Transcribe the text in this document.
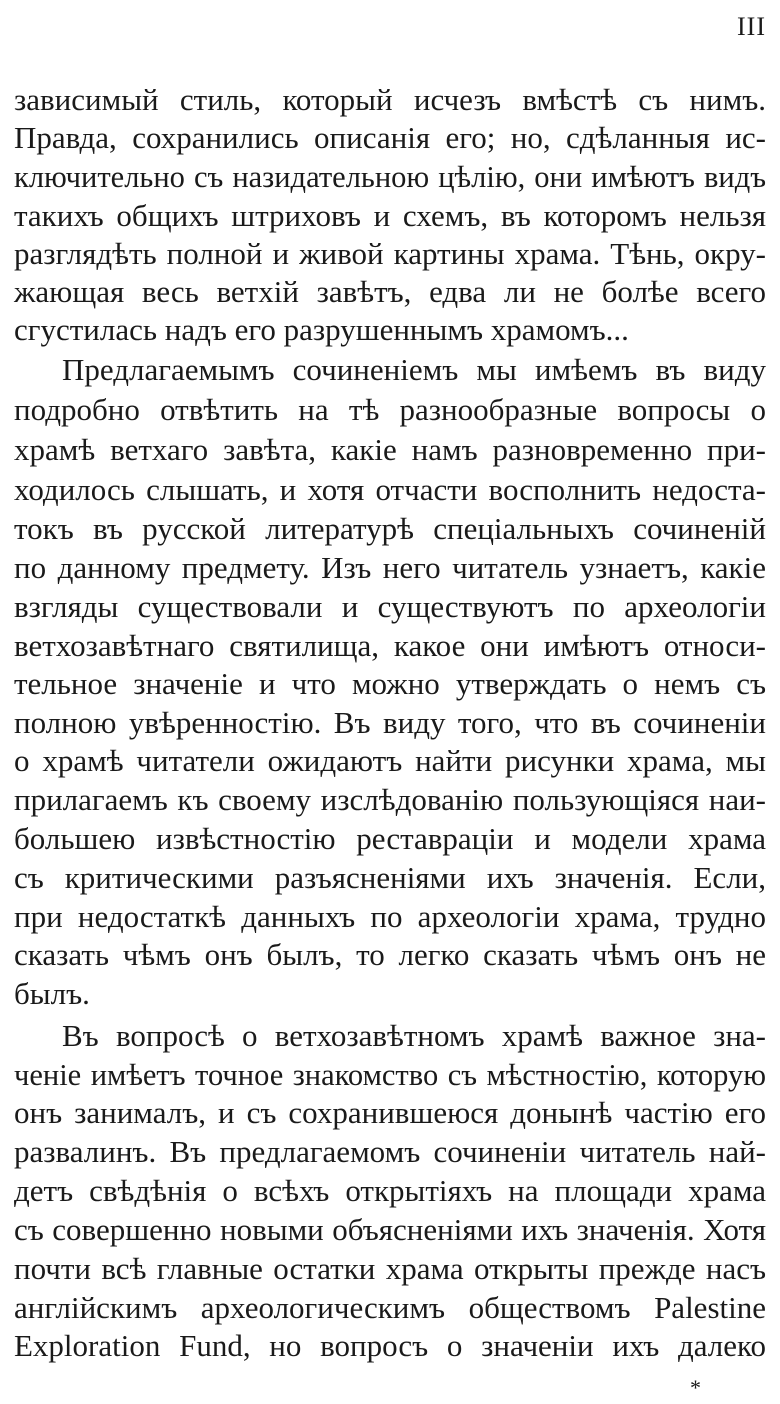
III
зависимый стиль, который исчезъ вмѣстѣ съ нимъ.
Правда, сохранились описанія его; но, сдѣланныя ис-
ключительно съ назидательною цѣлію, они имѣютъ видъ
такихъ общихъ штриховъ и схемъ, въ которомъ нельзя
разглядѣть полной и живой картины храма. Тѣнь, окру-
жающая весь ветхій завѣтъ, едва ли не болѣе всего
сгустилась надъ его разрушеннымъ храмомъ...
Предлагаемымъ сочиненіемъ мы имѣемъ въ виду
подробно отвѣтить на тѣ разнообразные вопросы о
храмѣ ветхаго завѣта, какіе намъ разновременно при-
ходилось слышать, и хотя отчасти восполнить недоста-
токъ въ русской литературѣ спеціальныхъ сочиненій
по данному предмету. Изъ него читатель узнаетъ, какіе
взгляды существовали и существуютъ по археологіи
ветхозавѣтнаго святилища, какое они имѣютъ относи-
тельное значеніе и что можно утверждать о немъ съ
полною увѣренностію. Въ виду того, что въ сочиненіи
о храмѣ читатели ожидаютъ найти рисунки храма, мы
прилагаемъ къ своему изслѣдованію пользующіяся наи-
большею извѣстностію реставраціи и модели храма
съ критическими разъясненіями ихъ значенія. Если,
при недостаткѣ данныхъ по археологіи храма, трудно
сказать чѣмъ онъ былъ, то легко сказать чѣмъ онъ не
былъ.
Въ вопросѣ о ветхозавѣтномъ храмѣ важное зна-
ченіе имѣетъ точное знакомство съ мѣстностію, которую
онъ занималъ, и съ сохранившеюся донынѣ частію его
развалинъ. Въ предлагаемомъ сочиненіи читатель най-
детъ свѣдѣнія о всѣхъ открытіяхъ на площади храма
съ совершенно новыми объясненіями ихъ значенія. Хотя
почти всѣ главные остатки храма открыты прежде насъ
англійскимъ археологическимъ обществомъ Palestine
Exploration Fund, но вопросъ о значеніи ихъ далеко
*
